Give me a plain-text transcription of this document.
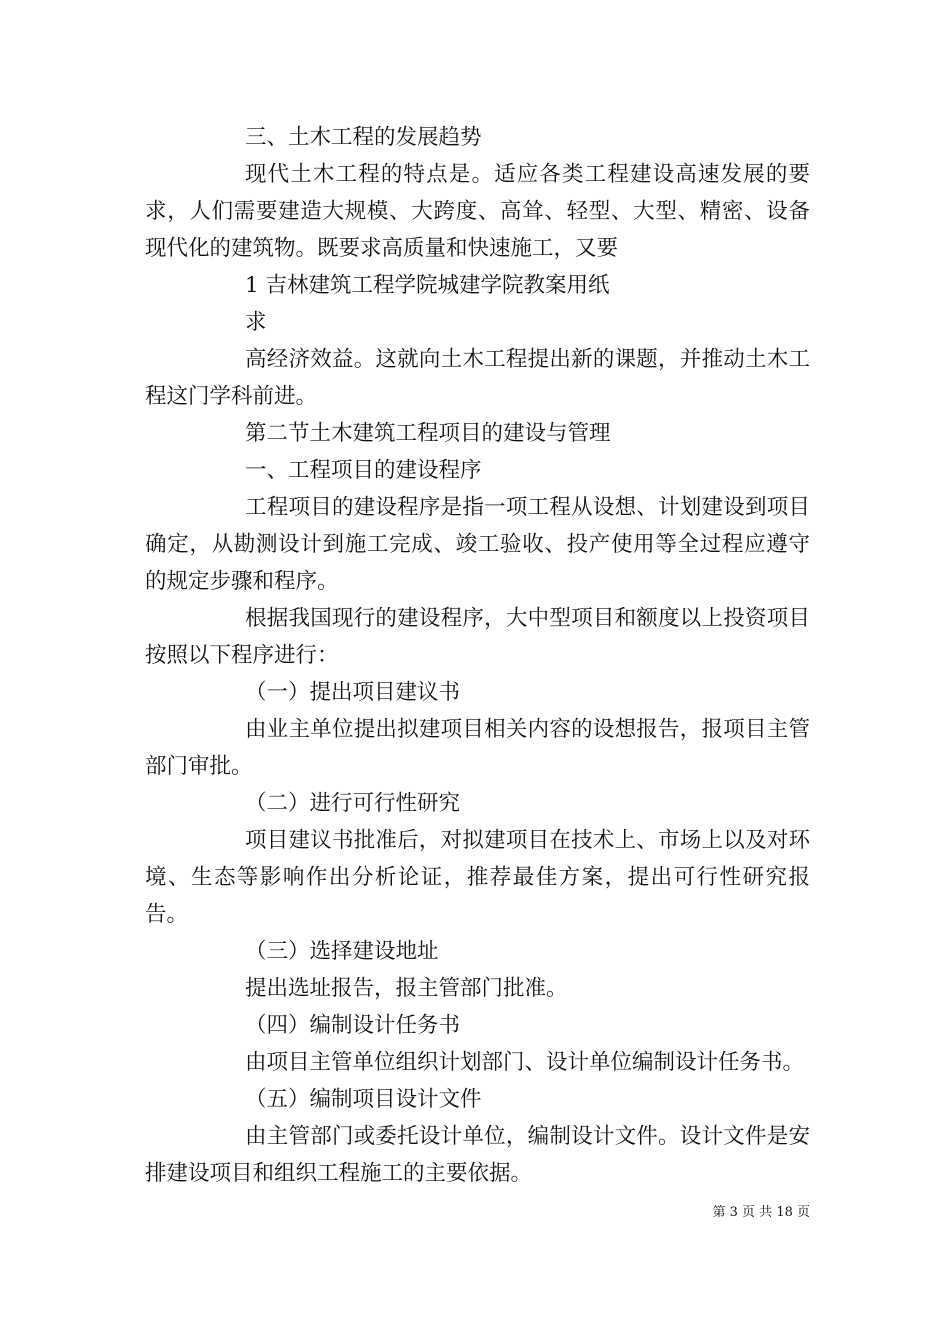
三、土木工程的发展趋势

现代土木工程的特点是。适应各类工程建设高速发展的要求，人们需要建造大规模、大跨度、高耸、轻型、大型、精密、设备现代化的建筑物。既要求高质量和快速施工，又要

1 吉林建筑工程学院城建学院教案用纸

求

高经济效益。这就向土木工程提出新的课题，并推动土木工程这门学科前进。

第二节土木建筑工程项目的建设与管理

一、工程项目的建设程序

工程项目的建设程序是指一项工程从设想、计划建设到项目确定，从勘测设计到施工完成、竣工验收、投产使用等全过程应遵守的规定步骤和程序。

根据我国现行的建设程序，大中型项目和额度以上投资项目按照以下程序进行：

（一）提出项目建议书

由业主单位提出拟建项目相关内容的设想报告，报项目主管部门审批。

（二）进行可行性研究

项目建议书批准后，对拟建项目在技术上、市场上以及对环境、生态等影响作出分析论证，推荐最佳方案，提出可行性研究报告。

（三）选择建设地址

提出选址报告，报主管部门批准。

（四）编制设计任务书

由项目主管单位组织计划部门、设计单位编制设计任务书。

（五）编制项目设计文件

由主管部门或委托设计单位，编制设计文件。设计文件是安排建设项目和组织工程施工的主要依据。

第 3 页 共 18 页
